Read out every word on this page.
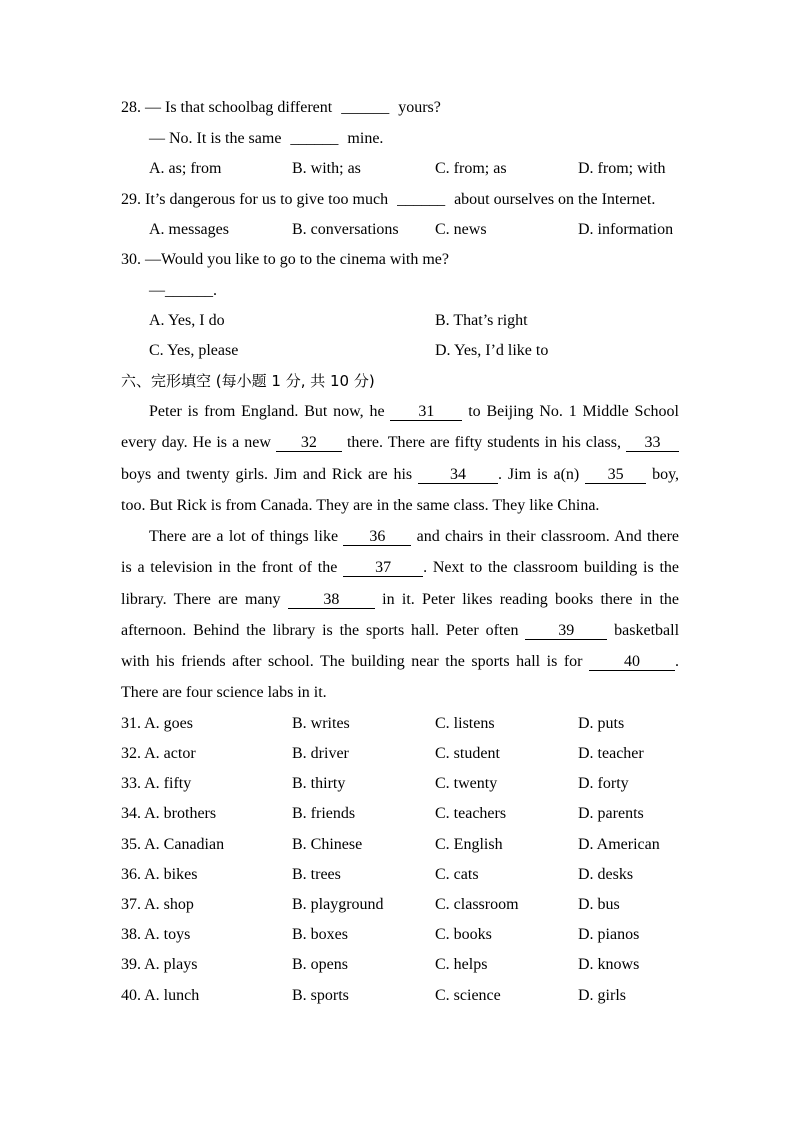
28. — Is that schoolbag different ______ yours?
— No. It is the same ______ mine.
A. as; from	B. with; as	C. from; as	D. from; with
29. It’s dangerous for us to give too much ______ about ourselves on the Internet.
A. messages	B. conversations C. news	D. information
30. —Would you like to go to the cinema with me?
—______.
A. Yes, I do	B. That’s right
C. Yes, please	D. Yes, I’d like to
六、完形填空 (每小题 1 分, 共 10 分)
Peter is from England. But now, he 31 to Beijing No. 1 Middle School
every day. He is a new 32 there. There are fifty students in his class, 33
boys and twenty girls. Jim and Rick are his 34 . Jim is a(n) 35 boy,
too. But Rick is from Canada. They are in the same class. They like China.
There are a lot of things like 36 and chairs in their classroom. And there
is a television in the front of the 37 . Next to the classroom building is the
library. There are many	38	in it. Peter likes reading books there in the
afternoon. Behind the library is the sports hall. Peter often 39 basketball
with his friends after school. The building near the sports hall is for	40 .
There are four science labs in it.
31. A. goes	B. writes	C. listens	D. puts
32. A. actor	B. driver	C. student	D. teacher
33. A. fifty	B. thirty	C. twenty	D. forty
34. A. brothers	B. friends	C. teachers	D. parents
35. A. Canadian	B. Chinese	C. English	D. American
36. A. bikes	B. trees	C. cats	D. desks
37. A. shop	B. playground	C. classroom	D. bus
38. A. toys	B. boxes	C. books	D. pianos
39. A. plays	B. opens	C. helps	D. knows
40. A. lunch	B. sports	C. science	D. girls
